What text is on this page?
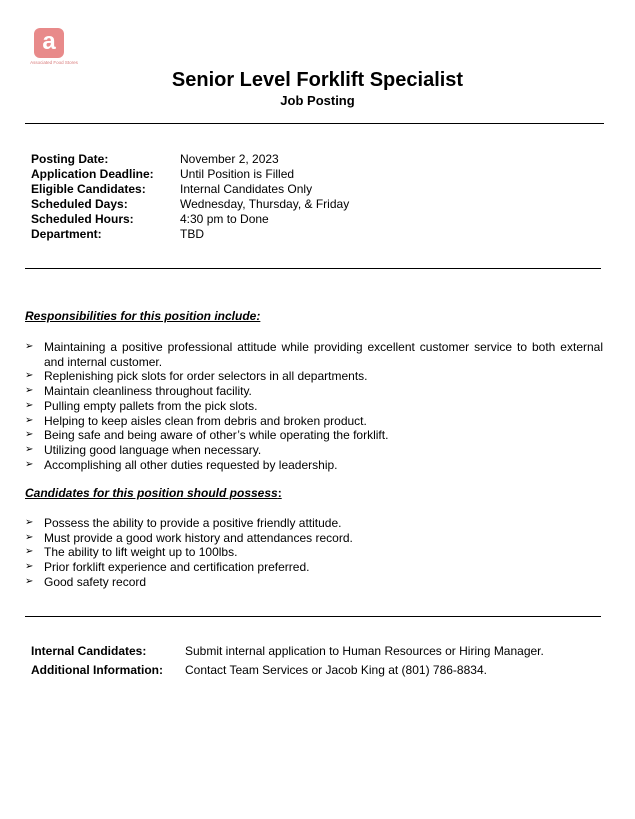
a
Associated Food Stores
Senior Level Forklift Specialist
Job Posting
Posting Date:	November 2, 2023
Application Deadline:	Until Position is Filled
Eligible Candidates:	Internal Candidates Only
Scheduled Days:	Wednesday, Thursday, & Friday
Scheduled Hours:	4:30 pm to Done
Department:	TBD
Responsibilities for this position include:
➢ Maintaining a positive professional attitude while providing excellent customer service to both external and internal customer.
➢ Replenishing pick slots for order selectors in all departments.
➢ Maintain cleanliness throughout facility.
➢ Pulling empty pallets from the pick slots.
➢ Helping to keep aisles clean from debris and broken product.
➢ Being safe and being aware of other’s while operating the forklift.
➢ Utilizing good language when necessary.
➢ Accomplishing all other duties requested by leadership.
Candidates for this position should possess:
➢ Possess the ability to provide a positive friendly attitude.
➢ Must provide a good work history and attendances record.
➢ The ability to lift weight up to 100lbs.
➢ Prior forklift experience and certification preferred.
➢ Good safety record
Internal Candidates:	Submit internal application to Human Resources or Hiring Manager.
Additional Information:	Contact Team Services or Jacob King at (801) 786-8834.
